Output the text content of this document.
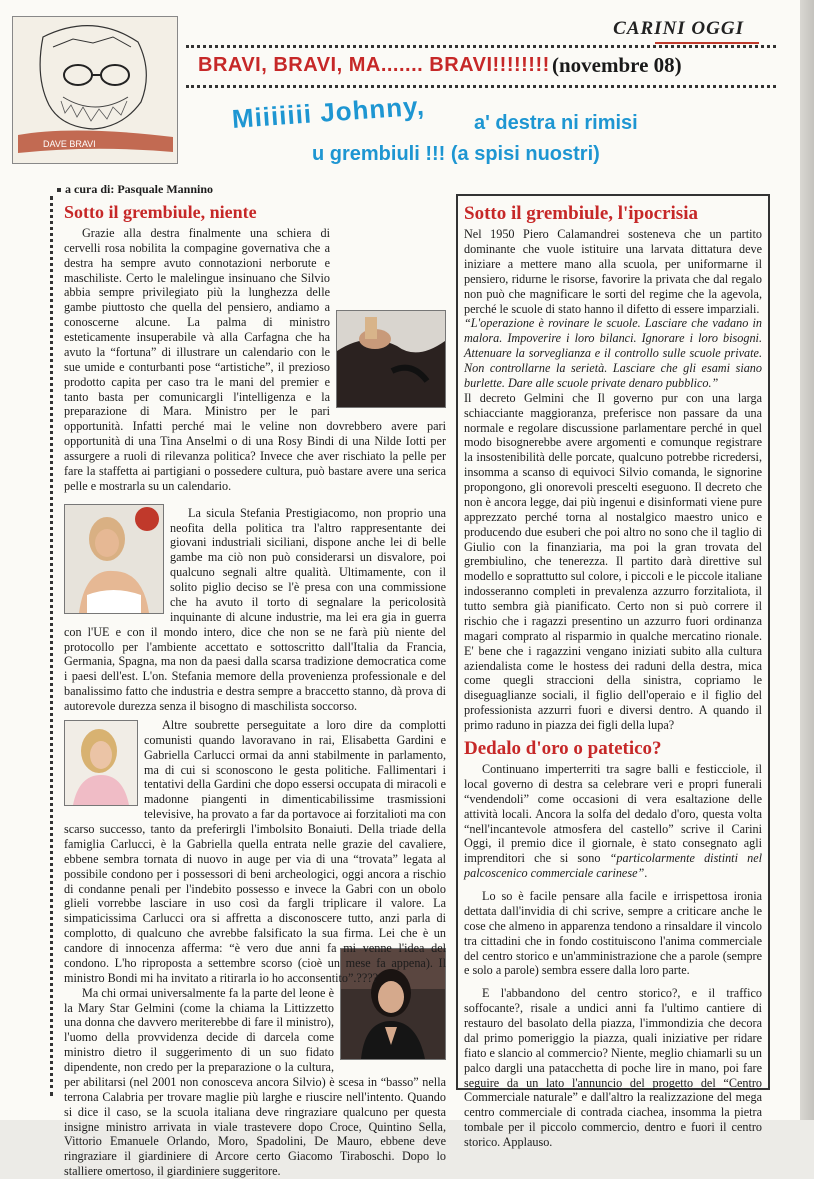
DAVE BRAVI
CARINI OGGI
BRAVI, BRAVI, MA....... BRAVI!!!!!!!! (novembre 08)
Miiiiiii Johnny, a' destra ni rimisi
u grembiuli !!! (a spisi nuostri)
a cura di: Pasquale Mannino
Sotto il grembiule, niente

Grazie alla destra finalmente una schiera di cervelli rosa nobilita la compagine governativa che a destra ha sempre avuto connotazioni nerborute e maschiliste. Certo le malelingue insinuano che Silvio abbia sempre privilegiato più la lunghezza delle gambe piuttosto che quella del pensiero, andiamo a conoscerne alcune. La palma di ministro esteticamente insuperabile và alla Carfagna che ha avuto la “fortuna” di illustrare un calendario con le sue umide e conturbanti pose “artistiche”, il prezioso prodotto capita per caso tra le mani del premier e tanto basta per comunicargli l'intelligenza e la preparazione di Mara. Ministro per le pari opportunità. Infatti perché mai le veline non dovrebbero avere pari opportunità di una Tina Anselmi o di una Rosy Bindi di una Nilde Iotti per assurgere a ruoli di rilevanza politica? Invece che aver rischiato la pelle per fare la staffetta ai partigiani o possedere cultura, può bastare avere una serica pelle e mostrarla su un calendario.

La sicula Stefania Prestigiacomo, non proprio una neofita della politica tra l'altro rappresentante dei giovani industriali siciliani, dispone anche lei di belle gambe ma ciò non può considerarsi un disvalore, poi qualcuno segnali altre qualità. Ultimamente, con il solito piglio deciso se l'è presa con una commissione che ha avuto il torto di segnalare la pericolosità inquinante di alcune industrie, ma lei era gia in guerra con l'UE e con il mondo intero, dice che non se ne farà più niente del protocollo per l'ambiente accettato e sottoscritto dall'Italia da Francia, Germania, Spagna, ma non da paesi dalla scarsa tradizione democratica come i paesi dell'est. L'on. Stefania memore della provenienza professionale e del banalissimo fatto che industria e destra sempre a braccetto stanno, dà prova di autorevole durezza senza il bisogno di maschilista soccorso.

Altre soubrette perseguitate a loro dire da complotti comunisti quando lavoravano in rai, Elisabetta Gardini e Gabriella Carlucci ormai da anni stabilmente in parlamento, ma di cui si sconoscono le gesta politiche. Fallimentari i tentativi della Gardini che dopo essersi occupata di miracoli e madonne piangenti in dimenticabilissime trasmissioni televisive, ha provato a far da portavoce ai forzitalioti ma con scarso successo, tanto da preferirgli l'imbolsito Bonaiuti. Della triade della famiglia Carlucci, è la Gabriella quella entrata nelle grazie del cavaliere, ebbene sembra tornata di nuovo in auge per via di una “trovata” legata al possibile condono per i possessori di beni archeologici, oggi ancora a rischio di condanne penali per l'indebito possesso e invece la Gabri con un obolo glieli vorrebbe lasciare in uso così da fargli triplicare il valore. La simpaticissima Carlucci ora si affretta a disconoscere tutto, anzi parla di complotto, di qualcuno che avrebbe falsificato la sua firma. Lei che è un candore di innocenza afferma: “è vero due anni fa mi venne l'idea del condono. L'ho riproposta a settembre scorso (cioè un mese fa appena). Il ministro Bondi mi ha invitato a ritirarla io ho acconsentito”.????

Ma chi ormai universalmente fa la parte del leone è la Mary Star Gelmini (come la chiama la Littizzetto una donna che davvero meriterebbe di fare il ministro), l'uomo della provvidenza decide di darcela come ministro dietro il suggerimento di un suo fidato dipendente, non credo per la preparazione o la cultura, per abilitarsi (nel 2001 non conosceva ancora Silvio) è scesa in “basso” nella terrona Calabria per trovare maglie più larghe e riuscire nell'intento. Quando si dice il caso, se la scuola italiana deve ringraziare qualcuno per questa insigne ministro arrivata in viale trastevere dopo Croce, Quintino Sella, Vittorio Emanuele Orlando, Moro, Spadolini, De Mauro, ebbene deve ringraziare il giardiniere di Arcore certo Giacomo Tiraboschi. Dopo lo stalliere omertoso, il giardiniere suggeritore.

Sotto il grembiule, l'ipocrisia

Nel 1950 Piero Calamandrei sosteneva che un partito dominante che vuole istituire una larvata dittatura deve iniziare a mettere mano alla scuola, per uniformarne il pensiero, ridurne le risorse, favorire la privata che dal regalo non può che magnificare le sorti del regime che la agevola, perché le scuole di stato hanno il difetto di essere imparziali.

“L'operazione è rovinare le scuole. Lasciare che vadano in malora. Impoverire i loro bilanci. Ignorare i loro bisogni. Attenuare la sorveglianza e il controllo sulle scuole private. Non controllarne la serietà. Lasciare che gli esami siano burlette. Dare alle scuole private denaro pubblico.”

Il decreto Gelmini che Il governo pur con una larga schiacciante maggioranza, preferisce non passare da una normale e regolare discussione parlamentare perché in quel modo bisognerebbe avere argomenti e comunque registrare la insostenibilità delle porcate, qualcuno potrebbe ricredersi, insomma a scanso di equivoci Silvio comanda, le signorine propongono, gli onorevoli prescelti eseguono. Il decreto che non è ancora legge, dai più ingenui e disinformati viene pure apprezzato perché torna al nostalgico maestro unico e producendo due esuberi che poi altro no sono che il taglio di Giulio con la finanziaria, ma poi la gran trovata del grembiulino, che tenerezza. Il partito darà direttive sul modello e soprattutto sul colore, i piccoli e le piccole italiane indosseranno completi in prevalenza azzurro forzitaliota, il tutto sembra già pianificato. Certo non si può correre il rischio che i ragazzi presentino un azzurro fuori ordinanza magari comprato al risparmio in qualche mercatino rionale. E' bene che i ragazzini vengano iniziati subito alla cultura aziendalista come le hostess dei raduni della destra, mica come quegli straccioni della sinistra, copriamo le diseguaglianze sociali, il figlio dell'operaio e il figlio del professionista azzurri fuori e diversi dentro. A quando il primo raduno in piazza dei figli della lupa?

Dedalo d'oro o patetico?

Continuano imperterriti tra sagre balli e festicciole, il local governo di destra sa celebrare veri e propri funerali “vendendoli” come occasioni di vera esaltazione delle attività locali. Ancora la solfa del dedalo d'oro, questa volta “nell'incantevole atmosfera del castello” scrive il Carini Oggi, il premio dice il giornale, è stato consegnato agli imprenditori che si sono “particolarmente distinti nel palcoscenico commerciale carinese”.

Lo so è facile pensare alla facile e irrispettosa ironia dettata dall'invidia di chi scrive, sempre a criticare anche le cose che almeno in apparenza tendono a rinsaldare il vincolo tra cittadini che in fondo costituiscono l'anima commerciale del centro storico e un'amministrazione che a parole (sempre e solo a parole) sembra essere dalla loro parte.

E l'abbandono del centro storico?, e il traffico soffocante?, risale a undici anni fa l'ultimo cantiere di restauro del basolato della piazza, l'immondizia che decora dal primo pomeriggio la piazza, quali iniziative per ridare fiato e slancio al commercio? Niente, meglio chiamarli su un palco dargli una patacchetta di poche lire in mano, poi fare seguire da un lato l'annuncio del progetto del “Centro Commerciale naturale” e dall'altro la realizzazione del mega centro commerciale di contrada ciachea, insomma la pietra tombale per il piccolo commercio, dentro e fuori il centro storico. Applauso.
